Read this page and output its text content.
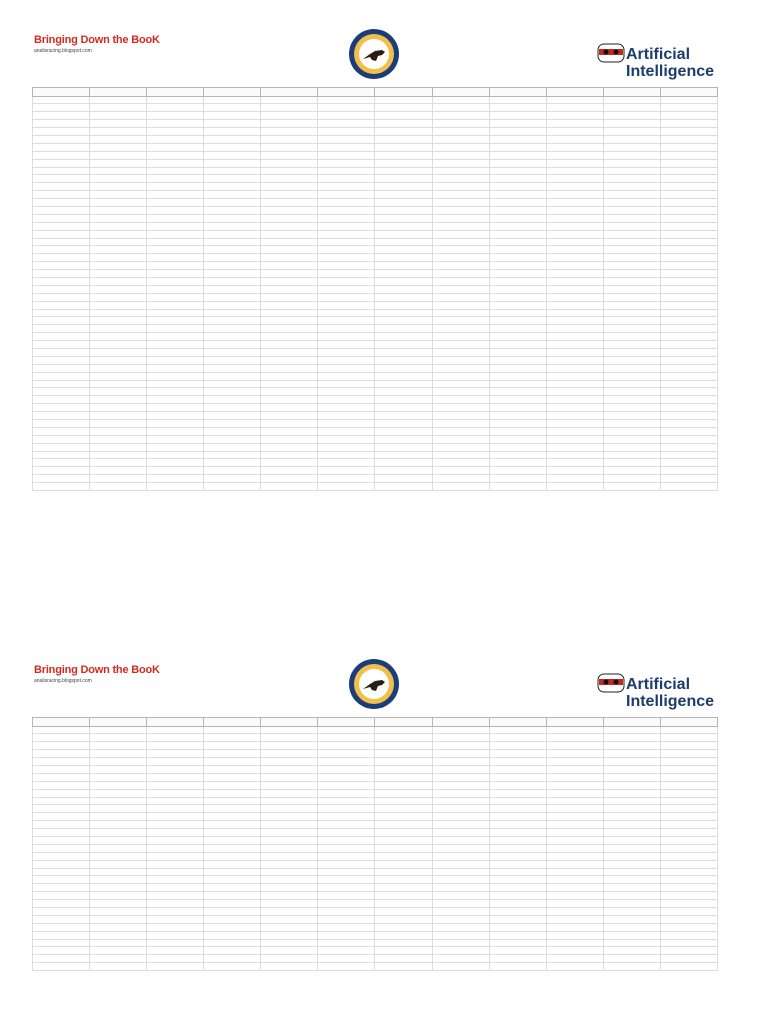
Bringing Down the BooK
analisracing.blogspot.com	Artificial
Intelligence

Bringing Down the BooK
analisracing.blogspot.com	Artificial
Intelligence
